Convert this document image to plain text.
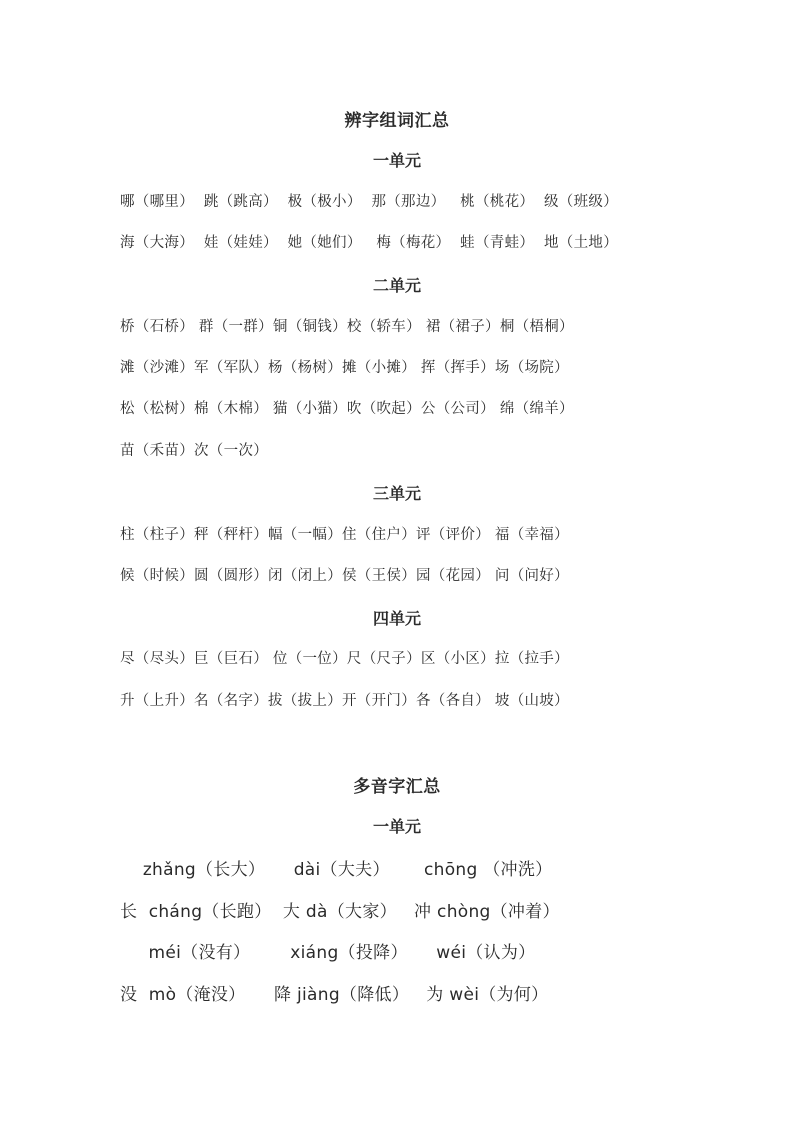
辨字组词汇总
一单元
哪（哪里）  跳（跳高）  极（极小）  那（那边）   桃（桃花）  级（班级）
海（大海）  娃（娃娃）  她（她们）   梅（梅花）  蛙（青蛙）  地（土地）
二单元
桥（石桥） 群（一群）铜（铜钱）校（轿车） 裙（裙子）桐（梧桐）
滩（沙滩）军（军队）杨（杨树）摊（小摊） 挥（挥手）场（场院）
松（松树）棉（木棉） 猫（小猫）吹（吹起）公（公司） 绵（绵羊）
苗（禾苗）次（一次）
三单元
柱（柱子）秤（秤杆）幅（一幅）住（住户）评（评价） 福（幸福）
候（时候）圆（圆形）闭（闭上）侯（王侯）园（花园） 问（问好）
四单元
尽（尽头）巨（巨石） 位（一位）尺（尺子）区（小区）拉（拉手）
升（上升）名（名字）拔（拔上）开（开门）各（各自） 坡（山坡）
多音字汇总
一单元
zhǎng（长大）     dài（大夫）      chōng （冲洗）
长  cháng（长跑）  大 dà（大家）   冲 chòng（冲着）
méi（没有）       xiáng（投降）     wéi（认为）
没  mò（淹没）     降 jiàng（降低）   为 wèi（为何）
